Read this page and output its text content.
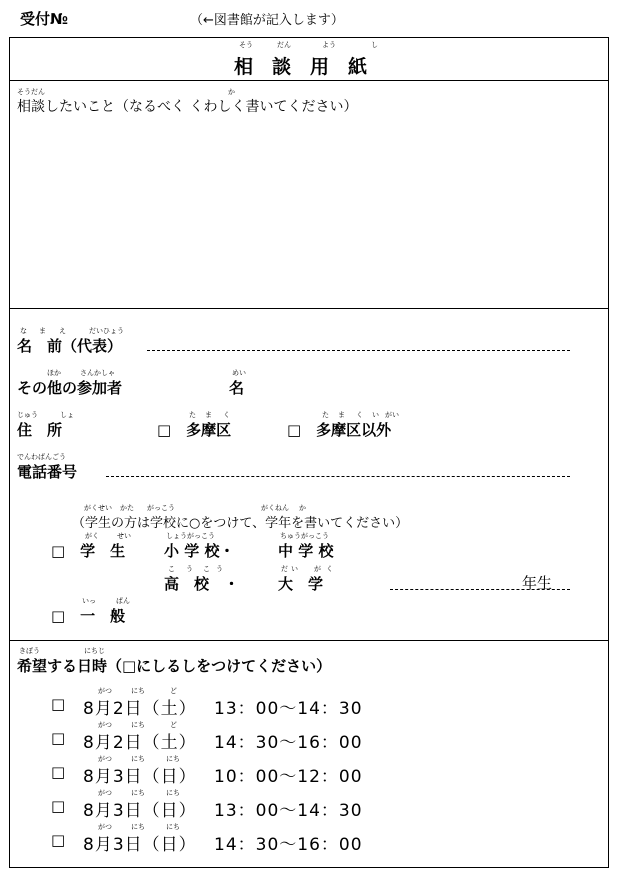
受付№	（←図書館が記入します）
そう	だん	よう	し
相　談　用　紙
そうだん	か
相談したいこと（なるべく くわしく書いてください）
な ま え	だいひょう
名　前（代表）
ほか	さんかしゃ
その他の参加者
めい
名
じゅう	しょ
住　所
た ま く
□　多摩区
た ま く い がい
□　多摩区以外
でんわばんごう
電話番号
がくせい かた がっこう	がくねん か
（学生の方は学校に○をつけて、学年を書いてください）
がく	せい
□　学　生
しょうがっこう
小 学 校・
ちゅうがっこう
中 学 校
こ う こ う
高　校　・
だ い が く
大　学	年生
いっ	ぱん
□　一　般
きぼう	にちじ
希望する日時（□にしるしをつけてください）
がつ	にち	ど
□ 8月2日（土） 13：00～14：30
がつ	にち	ど
□ 8月2日（土） 14：30～16：00
がつ	にち	にち
□ 8月3日（日） 10：00～12：00
がつ	にち	にち
□ 8月3日（日） 13：00～14：30
がつ	にち	にち
□ 8月3日（日） 14：30～16：00
